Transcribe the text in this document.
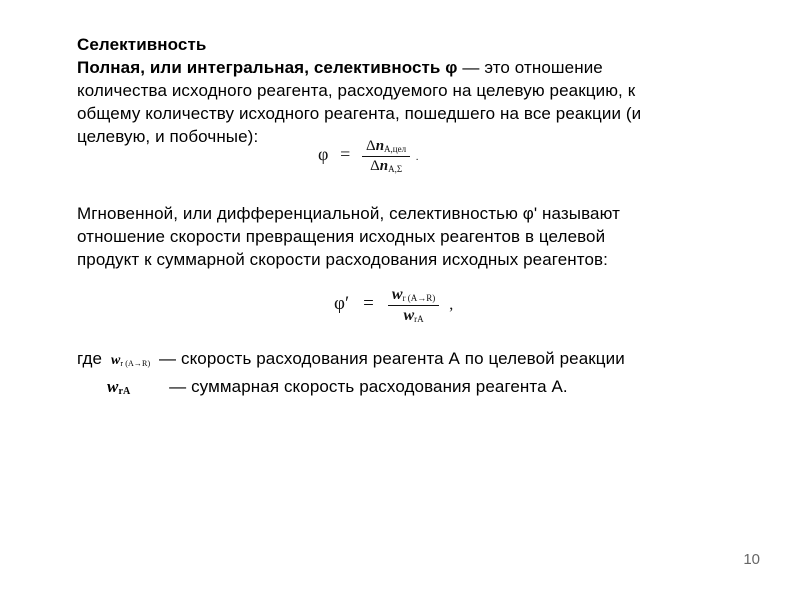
Селективность
Полная, или интегральная, селективность φ — это отношение
количества исходного реагента, расходуемого на целевую реакцию, к
общему количеству исходного реагента, пошедшего на все реакции (и
целевую, и побочные):
$\varphi = \frac{\Delta n_{A,цел}}{\Delta n_{A,\Sigma}}$ .
Мгновенной, или дифференциальной, селективностью φ' называют
отношение скорости превращения исходных реагентов в целевой
продукт к суммарной скорости расходования исходных реагентов:
$\varphi' = \frac{w_{r (A\to R)}}{w_{rA}}$ ,
где $w_{r (A\to R)}$ — скорость расходования реагента А по целевой реакции
$w_{rA}$ — суммарная скорость расходования реагента А.
10
